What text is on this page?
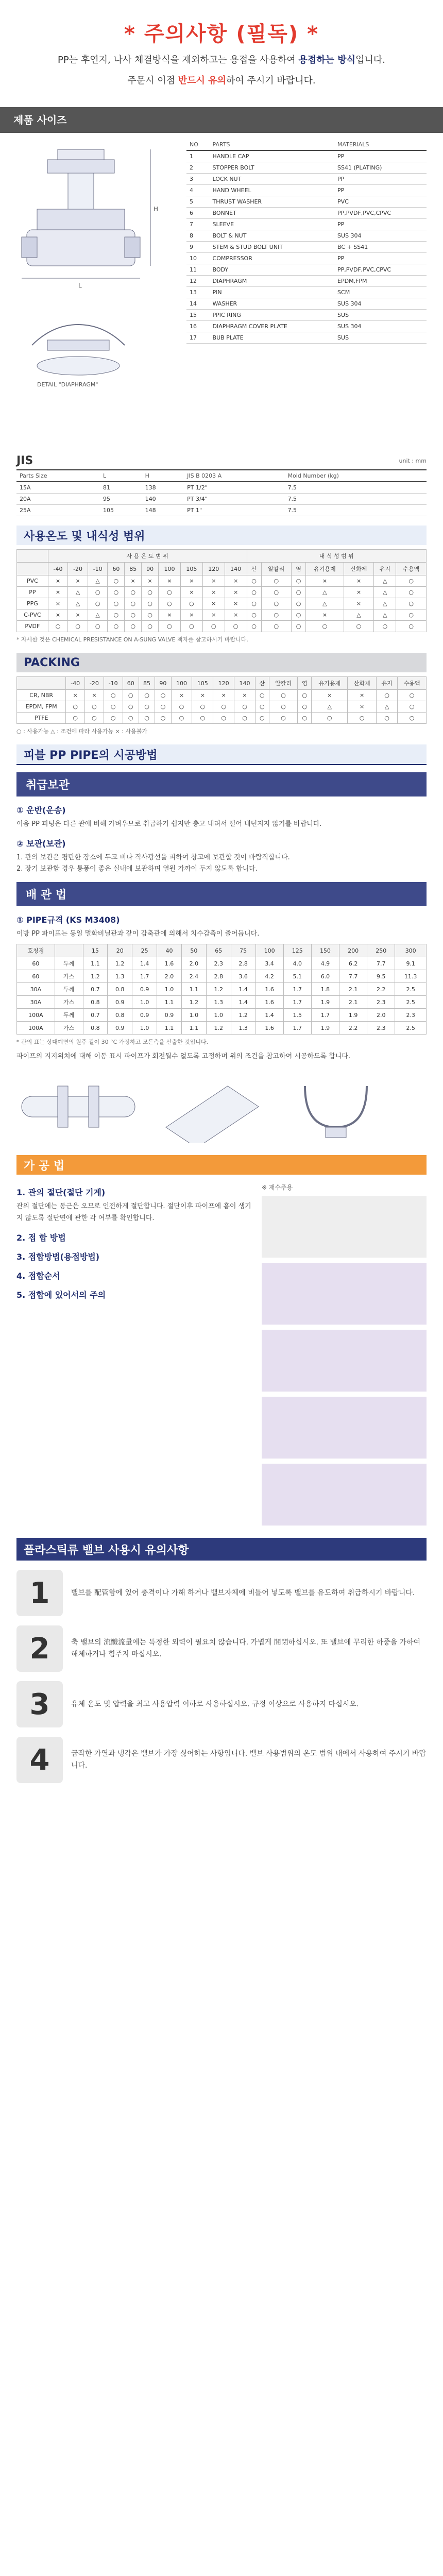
* 주의사항 (필독) *

PP는 후연지, 나사 체결방식을 제외하고는 용접을 사용하여 용접하는 방식입니다.

주문시 이점 반드시 유의하여 주시기 바랍니다.

제품 사이즈
L
H
DETAIL "DIAPHRAGM"
NO	PARTS	MATERIALS
1	HANDLE CAP	PP
2	STOPPER BOLT	SS41 (PLATING)
3	LOCK NUT	PP
4	HAND WHEEL	PP
5	THRUST WASHER	PVC
6	BONNET	PP,PVDF,PVC,CPVC
7	SLEEVE	PP
8	BOLT & NUT	SUS 304
9	STEM & STUD BOLT UNIT	BC + SS41
10	COMPRESSOR	PP
11	BODY	PP,PVDF,PVC,CPVC
12	DIAPHRAGM	EPDM,FPM
13	PIN	SCM
14	WASHER	SUS 304
15	PPIC RING	SUS
16	DIAPHRAGM COVER PLATE	SUS 304
17	BUB PLATE	SUS
JIS	unit : mm
Parts Size	L	H	JIS B 0203 A	Mold Number (kg)
15A	81	138	PT 1/2"	7.5
20A	95	140	PT 3/4"	7.5
25A	105	148	PT 1"	7.5
사용온도 및 내식성 범위
	사 용 온 도 범 위										내 식 성 범 위						
	-40	-20	-10	60	85	90	100	105	120	140	산	알칼리	염	유기용제	산화제	유지	수용액
PVC	×	×	△	○	×	×	×	×	×	×	○	○	○	×	×	△	○
PP	×	△	○	○	○	○	○	×	×	×	○	○	○	△	×	△	○
PPG	×	△	○	○	○	○	○	○	×	×	○	○	○	△	×	△	○
C-PVC	×	×	△	○	○	○	×	×	×	×	○	○	○	×	△	△	○
PVDF	○	○	○	○	○	○	○	○	○	○	○	○	○	○	○	○	○
* 자세한 것은 CHEMICAL PRESISTANCE ON A-SUNG VALVE 책자를 참고하시기 바랍니다.
PACKING
	-40	-20	-10	60	85	90	100	105	120	140	산	알칼리	염	유기용제	산화제	유지	수용액
CR, NBR	×	×	○	○	○	○	×	×	×	×	○	○	○	×	×	○	○
EPDM, FPM	○	○	○	○	○	○	○	○	○	○	○	○	○	△	×	△	○
PTFE	○	○	○	○	○	○	○	○	○	○	○	○	○	○	○	○	○
○ : 사용가능 △ : 조건에 따라 사용가능 × : 사용불가
피블 PP PIPE의 시공방법
취급보관
① 운반(운송)
이음 PP 피팅은 다른 관에 비해 가벼우므로 취급하기 쉽지만 충고 내려서 떨어 내던지지 않기를 바랍니다.
② 보관(보관)
1. 관의 보관은 평탄한 장소에 두고 비나 직사광선을 피하여 창고에 보관할 것이 바람직합니다.
2. 장기 보관할 경우 통풍이 좋은 실내에 보관하며 열원 가까이 두지 않도록 합니다.
배 관 법
① PIPE규격 (KS M3408)
이방 PP 파이프는 동일 멀화비닐관과 같이 감축관에 의해서 치수감축이 줄어듭니다.
호칭경		15	20	25	40	50	65	75	100	125	150	200	250	300
60	두께	1.1	1.2	1.4	1.6	2.0	2.3	2.8	3.4	4.0	4.9	6.2	7.7	9.1
60	가스	1.2	1.3	1.7	2.0	2.4	2.8	3.6	4.2	5.1	6.0	7.7	9.5	11.3
30A	두께	0.7	0.8	0.9	1.0	1.1	1.2	1.4	1.6	1.7	1.8	2.1	2.2	2.5
30A	가스	0.8	0.9	1.0	1.1	1.2	1.3	1.4	1.6	1.7	1.9	2.1	2.3	2.5
100A	두께	0.7	0.8	0.9	0.9	1.0	1.0	1.2	1.4	1.5	1.7	1.9	2.0	2.3
100A	가스	0.8	0.9	1.0	1.1	1.1	1.2	1.3	1.6	1.7	1.9	2.2	2.3	2.5
* 관의 표는 상대예면의 원주 길이 30 °C 가정하고 모든측을 산출한 것입니다.
파이프의 지지위치에 대해 이동 표시 파이프가 회전될수 없도록 고정하며 위의 조건을 참고하여 시공하도록 합니다.
가 공 법
1. 관의 절단(절단 기계)
관의 절단에는 동근은 오므로 인전하게 절단합니다. 절단이후 파이프에 흠이 생기지 않도록 절단면에 관한 각 여부를 확인합니다.
2. 접 합 방법
3. 접합방법(용접방법)
4. 접합순서
5. 접합에 있어서의 주의
※ 재수주용
플라스틱류 밸브 사용시 유의사항
1	밸브를 配管함에 있어 충격이나 가해 하거나 밸브자체에 비틀어 넣도록 밸브를 유도하여 취급하시기 바랍니다.
2	축 밸브의 流體流量에는 특정한 외력이 필요치 않습니다. 가볍게 開閉하십시오. 또 밸브에 무리한 하중을 가하여 해체하거나 힘주지 마십시오.
3	유체 온도 및 압력을 최고 사용압력 이하로 사용하십시오. 규정 이상으로 사용하지 마십시오.
4	급작한 가열과 냉각은 밸브가 가장 싫어하는 사항입니다. 밸브 사용범위의 온도 범위 내에서 사용하여 주시기 바랍니다.
